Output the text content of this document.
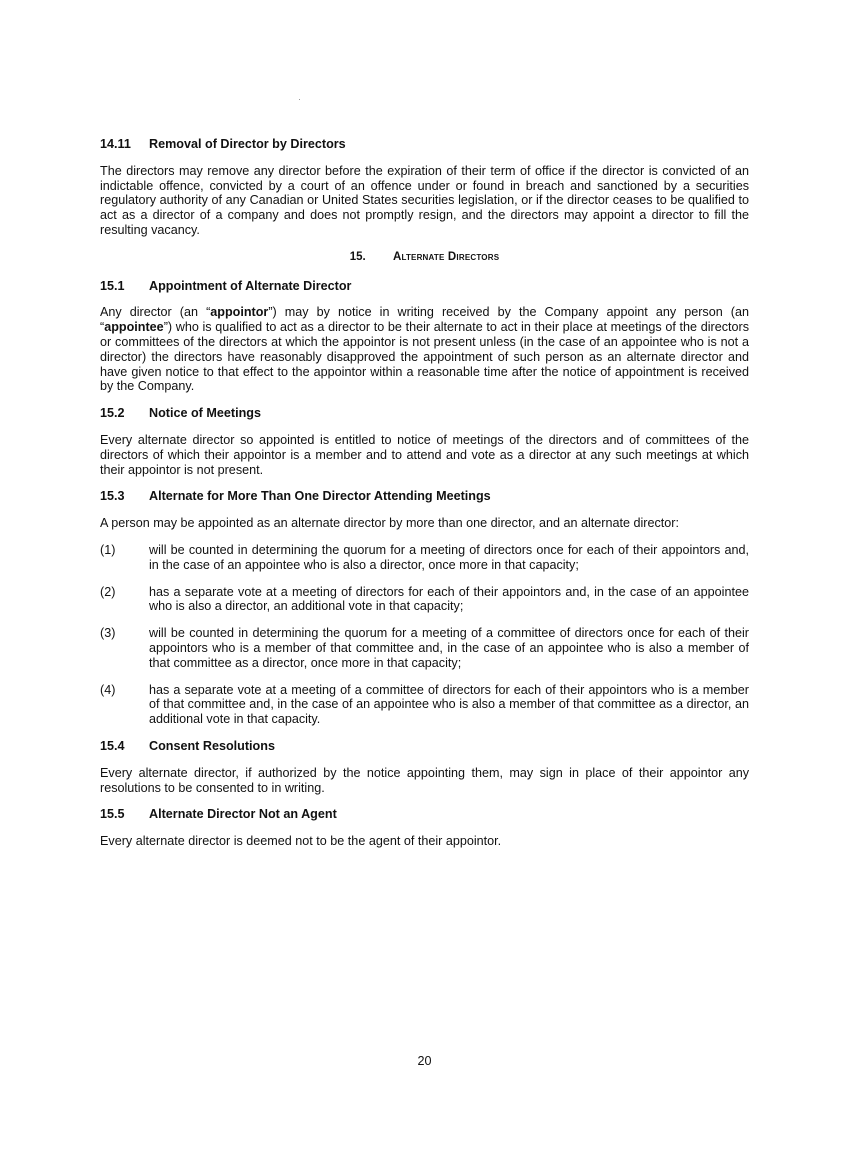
14.11	Removal of Director by Directors

The directors may remove any director before the expiration of their term of office if the director is convicted of an indictable offence, convicted by a court of an offence under or found in breach and sanctioned by a securities regulatory authority of any Canadian or United States securities legislation, or if the director ceases to be qualified to act as a director of a company and does not promptly resign, and the directors may appoint a director to fill the resulting vacancy.

15. Alternate Directors
15.1	Appointment of Alternate Director

Any director (an “appointor”) may by notice in writing received by the Company appoint any person (an “appointee”) who is qualified to act as a director to be their alternate to act in their place at meetings of the directors or committees of the directors at which the appointor is not present unless (in the case of an appointee who is not a director) the directors have reasonably disapproved the appointment of such person as an alternate director and have given notice to that effect to the appointor within a reasonable time after the notice of appointment is received by the Company.

15.2	Notice of Meetings

Every alternate director so appointed is entitled to notice of meetings of the directors and of committees of the directors of which their appointor is a member and to attend and vote as a director at any such meetings at which their appointor is not present.

15.3	Alternate for More Than One Director Attending Meetings

A person may be appointed as an alternate director by more than one director, and an alternate director:

(1)	will be counted in determining the quorum for a meeting of directors once for each of their appointors and, in the case of an appointee who is also a director, once more in that capacity;
(2)	has a separate vote at a meeting of directors for each of their appointors and, in the case of an appointee who is also a director, an additional vote in that capacity;
(3)	will be counted in determining the quorum for a meeting of a committee of directors once for each of their appointors who is a member of that committee and, in the case of an appointee who is also a member of that committee as a director, once more in that capacity;
(4)	has a separate vote at a meeting of a committee of directors for each of their appointors who is a member of that committee and, in the case of an appointee who is also a member of that committee as a director, an additional vote in that capacity.
15.4	Consent Resolutions

Every alternate director, if authorized by the notice appointing them, may sign in place of their appointor any resolutions to be consented to in writing.

15.5	Alternate Director Not an Agent

Every alternate director is deemed not to be the agent of their appointor.

20
